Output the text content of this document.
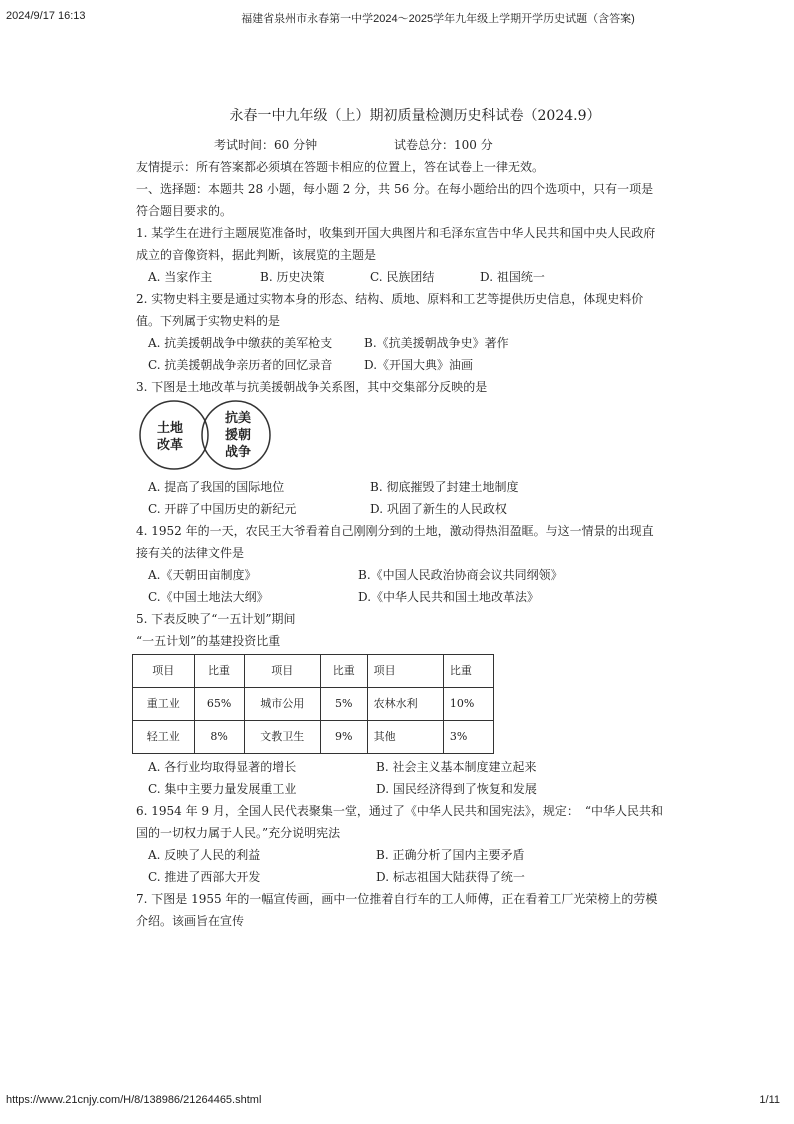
2024/9/17 16:13	福建省泉州市永春第一中学2024～2025学年九年级上学期开学历史试题（含答案)
永春一中九年级（上）期初质量检测历史科试卷（2024.9）
考试时间：60 分钟	试卷总分：100 分

友情提示：所有答案都必须填在答题卡相应的位置上，答在试卷上一律无效。

一、选择题：本题共 28 小题，每小题 2 分，共 56 分。在每小题给出的四个选项中，只有一项是符合题目要求的。

1. 某学生在进行主题展览准备时，收集到开国大典图片和毛泽东宣告中华人民共和国中央人民政府成立的音像资料，据此判断，该展览的主题是

A. 当家作主	B. 历史决策	C. 民族团结	D. 祖国统一

2. 实物史料主要是通过实物本身的形态、结构、质地、原料和工艺等提供历史信息，体现史料价值。下列属于实物史料的是

A. 抗美援朝战争中缴获的美军枪支	B.《抗美援朝战争史》著作
C. 抗美援朝战争亲历者的回忆录音	D.《开国大典》油画

3. 下图是土地改革与抗美援朝战争关系图，其中交集部分反映的是

土地
改革
抗美
援朝
战争
A. 提高了我国的国际地位	B. 彻底摧毁了封建土地制度
C. 开辟了中国历史的新纪元	D. 巩固了新生的人民政权

4. 1952 年的一天，农民王大爷看着自己刚刚分到的土地，激动得热泪盈眶。与这一情景的出现直接有关的法律文件是

A.《天朝田亩制度》	B.《中国人民政治协商会议共同纲领》
C.《中国土地法大纲》	D.《中华人民共和国土地改革法》

5. 下表反映了“一五计划”期间

“一五计划”的基建投资比重
项目	比重	项目	比重	项目	比重
重工业	65%	城市公用	5%	农林水利	10%
轻工业	8%	文教卫生	9%	其他	3%
A. 各行业均取得显著的增长	B. 社会主义基本制度建立起来
C. 集中主要力量发展重工业	D. 国民经济得到了恢复和发展

6. 1954 年 9 月，全国人民代表聚集一堂，通过了《中华人民共和国宪法》，规定：　“中华人民共和国的一切权力属于人民。”充分说明宪法

A. 反映了人民的利益	B. 正确分析了国内主要矛盾
C. 推进了西部大开发	D. 标志祖国大陆获得了统一

7. 下图是 1955 年的一幅宣传画，画中一位推着自行车的工人师傅，正在看着工厂光荣榜上的劳模介绍。该画旨在宣传

https://www.21cnjy.com/H/8/138986/21264465.shtml	1/11
